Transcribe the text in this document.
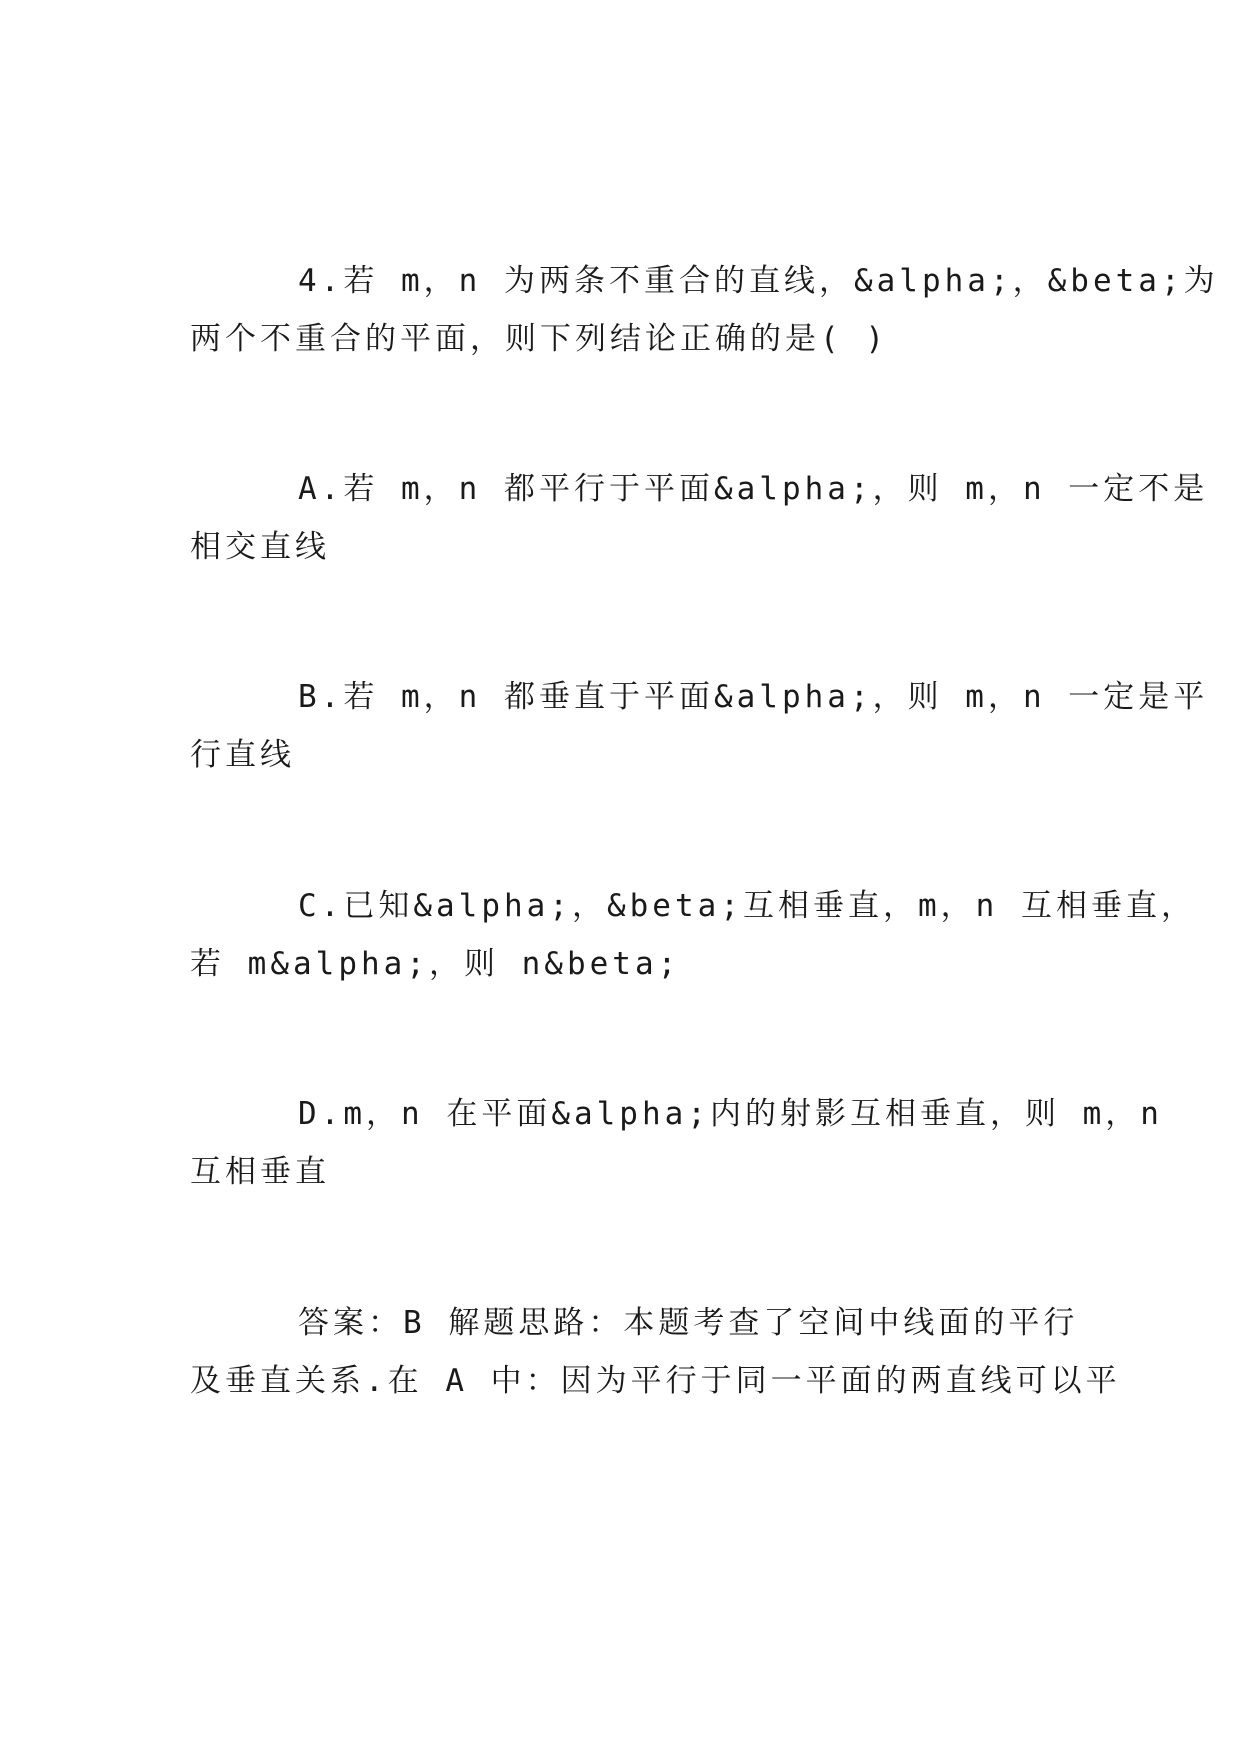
4.若 m，n 为两条不重合的直线，&alpha;，&beta;为
两个不重合的平面，则下列结论正确的是( )

A.若 m，n 都平行于平面&alpha;，则 m，n 一定不是
相交直线

B.若 m，n 都垂直于平面&alpha;，则 m，n 一定是平
行直线

C.已知&alpha;，&beta;互相垂直，m，n 互相垂直，
若 m&alpha;，则 n&beta;

D.m，n 在平面&alpha;内的射影互相垂直，则 m，n
互相垂直

答案：B 解题思路：本题考查了空间中线面的平行
及垂直关系.在 A 中：因为平行于同一平面的两直线可以平
